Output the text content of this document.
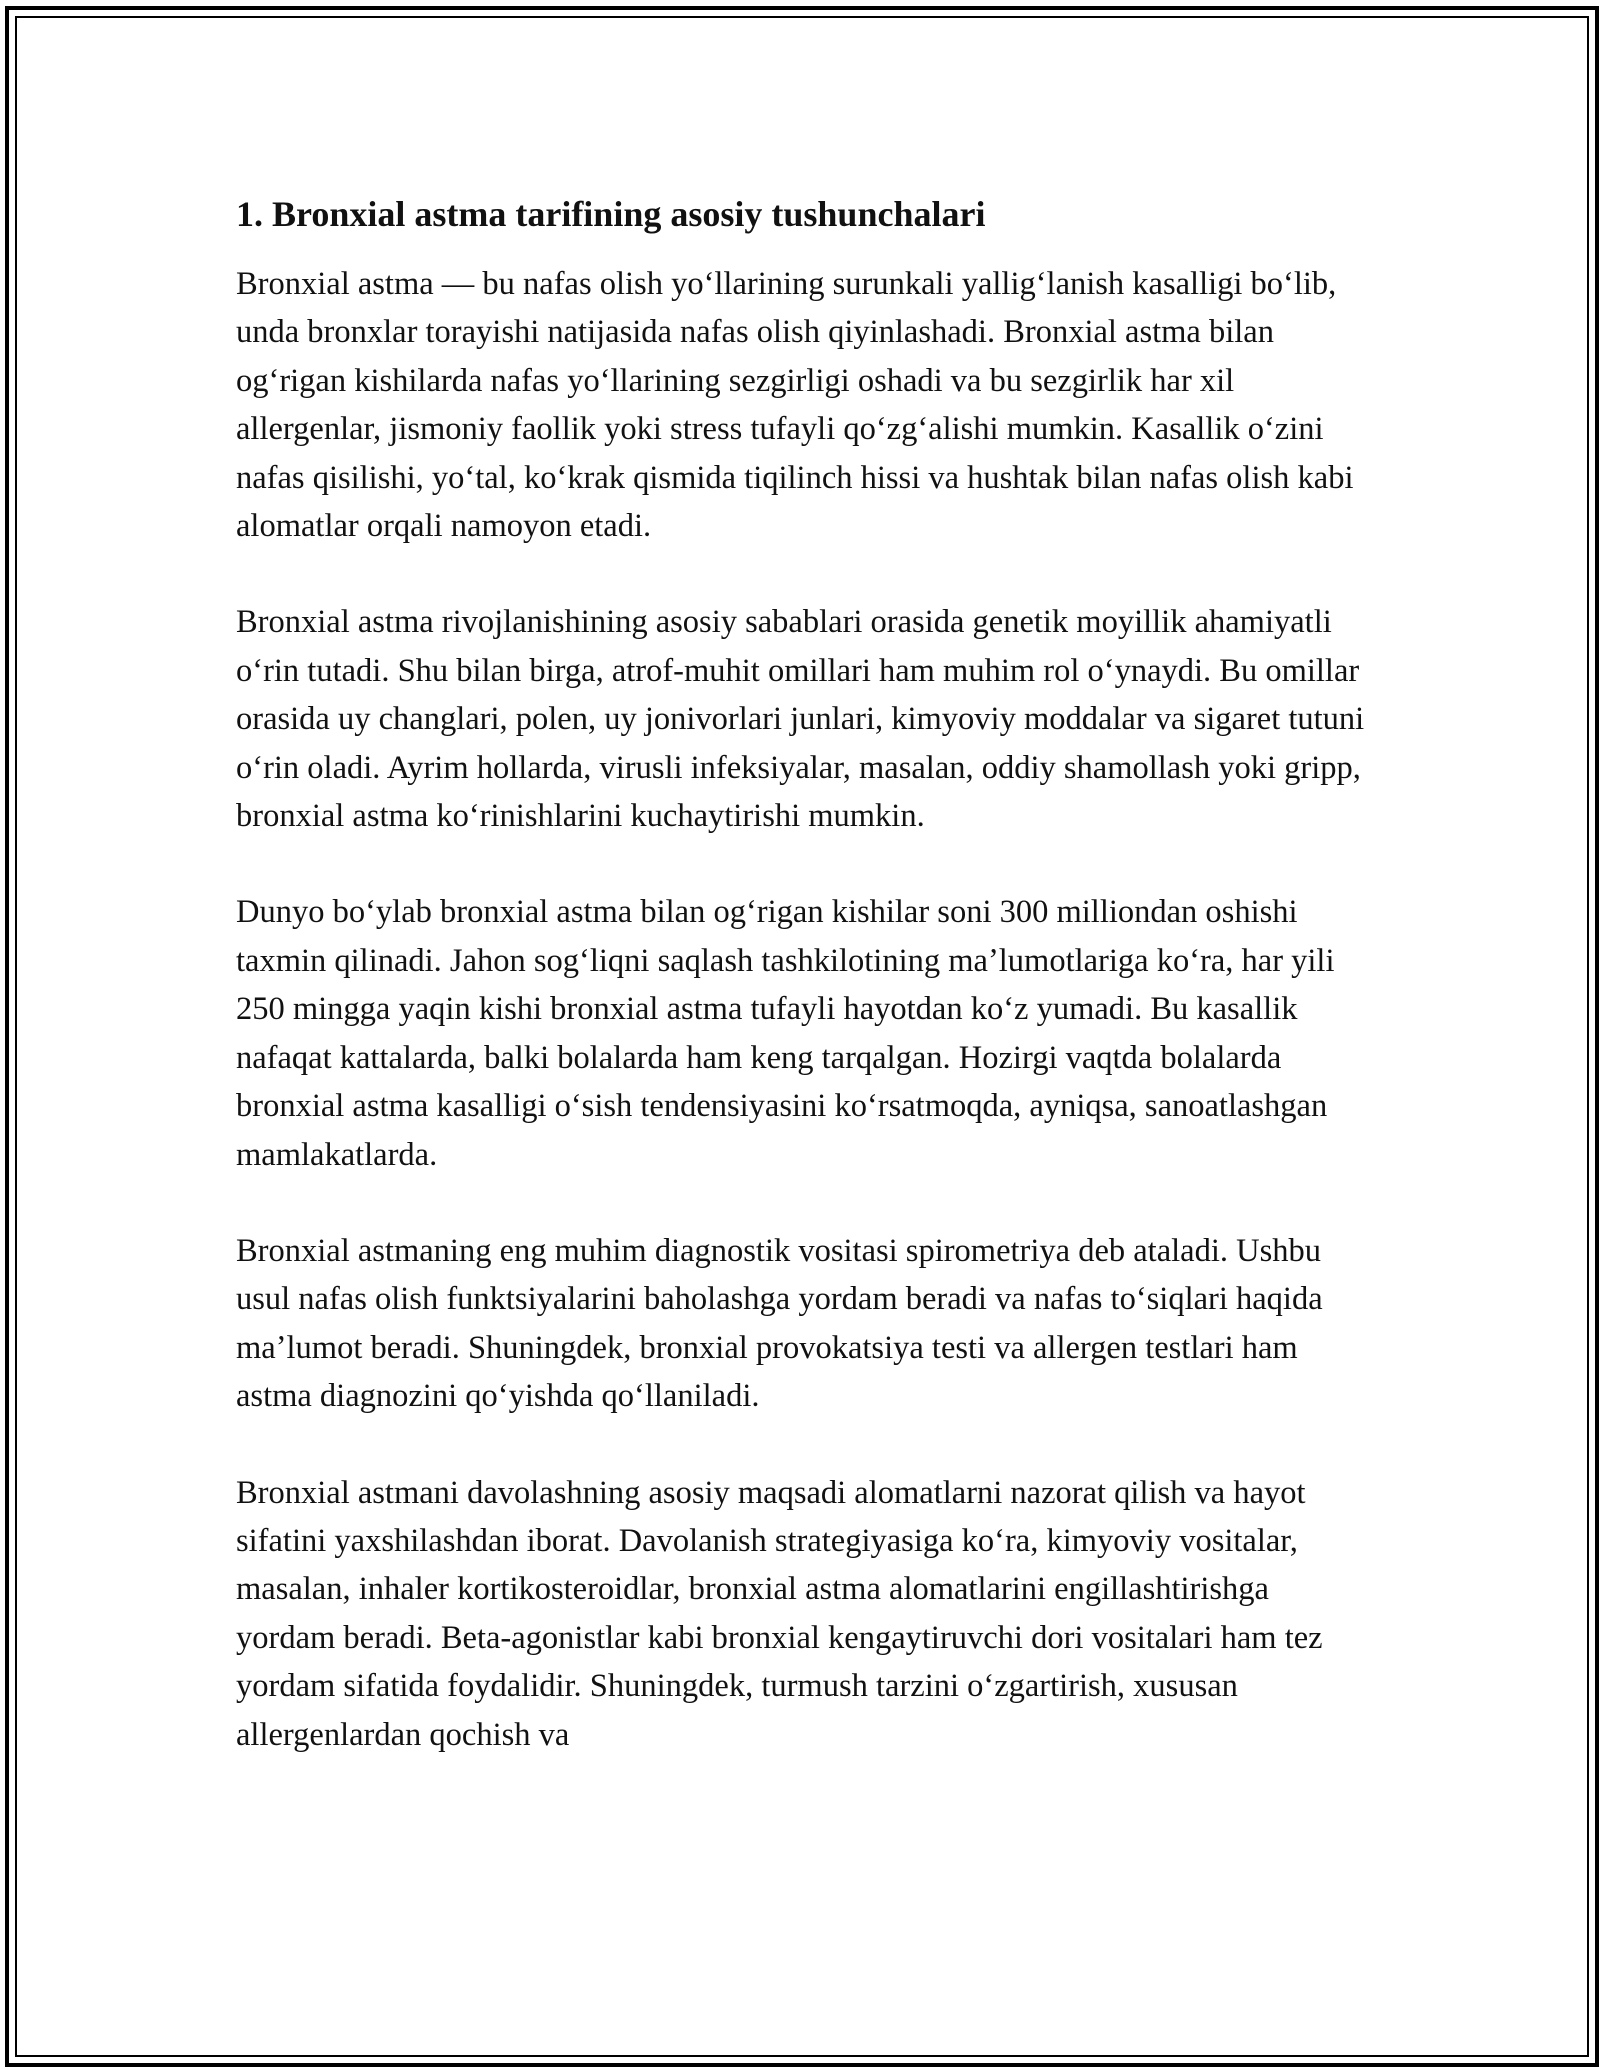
1. Bronxial astma tarifining asosiy tushunchalari

Bronxial astma — bu nafas olish yoʻllarining surunkali yalligʻlanish kasalligi boʻlib, unda bronxlar torayishi natijasida nafas olish qiyinlashadi. Bronxial astma bilan ogʻrigan kishilarda nafas yoʻllarining sezgirligi oshadi va bu sezgirlik har xil allergenlar, jismoniy faollik yoki stress tufayli qoʻzgʻalishi mumkin. Kasallik oʻzini nafas qisilishi, yoʻtal, koʻkrak qismida tiqilinch hissi va hushtak bilan nafas olish kabi alomatlar orqali namoyon etadi.

Bronxial astma rivojlanishining asosiy sabablari orasida genetik moyillik ahamiyatli oʻrin tutadi. Shu bilan birga, atrof-muhit omillari ham muhim rol oʻynaydi. Bu omillar orasida uy changlari, polen, uy jonivorlari junlari, kimyoviy moddalar va sigaret tutuni oʻrin oladi. Ayrim hollarda, virusli infeksiyalar, masalan, oddiy shamollash yoki gripp, bronxial astma koʻrinishlarini kuchaytirishi mumkin.

Dunyo boʻylab bronxial astma bilan ogʻrigan kishilar soni 300 milliondan oshishi taxmin qilinadi. Jahon sogʻliqni saqlash tashkilotining maʼlumotlariga koʻra, har yili 250 mingga yaqin kishi bronxial astma tufayli hayotdan koʻz yumadi. Bu kasallik nafaqat kattalarda, balki bolalarda ham keng tarqalgan. Hozirgi vaqtda bolalarda bronxial astma kasalligi oʻsish tendensiyasini koʻrsatmoqda, ayniqsa, sanoatlashgan mamlakatlarda.

Bronxial astmaning eng muhim diagnostik vositasi spirometriya deb ataladi. Ushbu usul nafas olish funktsiyalarini baholashga yordam beradi va nafas toʻsiqlari haqida maʼlumot beradi. Shuningdek, bronxial provokatsiya testi va allergen testlari ham astma diagnozini qoʻyishda qoʻllaniladi.

Bronxial astmani davolashning asosiy maqsadi alomatlarni nazorat qilish va hayot sifatini yaxshilashdan iborat. Davolanish strategiyasiga koʻra, kimyoviy vositalar, masalan, inhaler kortikosteroidlar, bronxial astma alomatlarini engillashtirishga yordam beradi. Beta-agonistlar kabi bronxial kengaytiruvchi dori vositalari ham tez yordam sifatida foydalidir. Shuningdek, turmush tarzini oʻzgartirish, xususan allergenlardan qochish va
